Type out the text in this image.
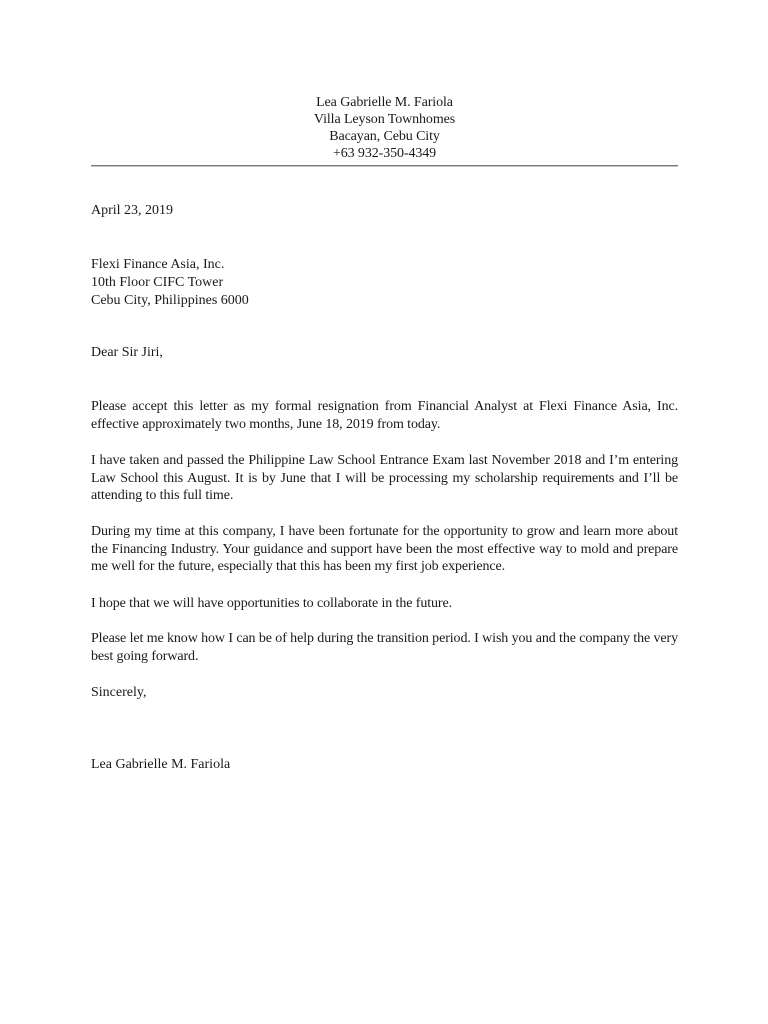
Lea Gabrielle M. Fariola
Villa Leyson Townhomes
Bacayan, Cebu City
+63 932-350-4349
April 23, 2019
Flexi Finance Asia, Inc.
10th Floor CIFC Tower
Cebu City, Philippines 6000
Dear Sir Jiri,

Please accept this letter as my formal resignation from Financial Analyst at Flexi Finance Asia, Inc. effective approximately two months, June 18, 2019 from today.

I have taken and passed the Philippine Law School Entrance Exam last November 2018 and I’m entering Law School this August. It is by June that I will be processing my scholarship requirements and I’ll be attending to this full time.

During my time at this company, I have been fortunate for the opportunity to grow and learn more about the Financing Industry. Your guidance and support have been the most effective way to mold and prepare me well for the future, especially that this has been my first job experience.

I hope that we will have opportunities to collaborate in the future.

Please let me know how I can be of help during the transition period. I wish you and the company the very best going forward.

Sincerely,
Lea Gabrielle M. Fariola
